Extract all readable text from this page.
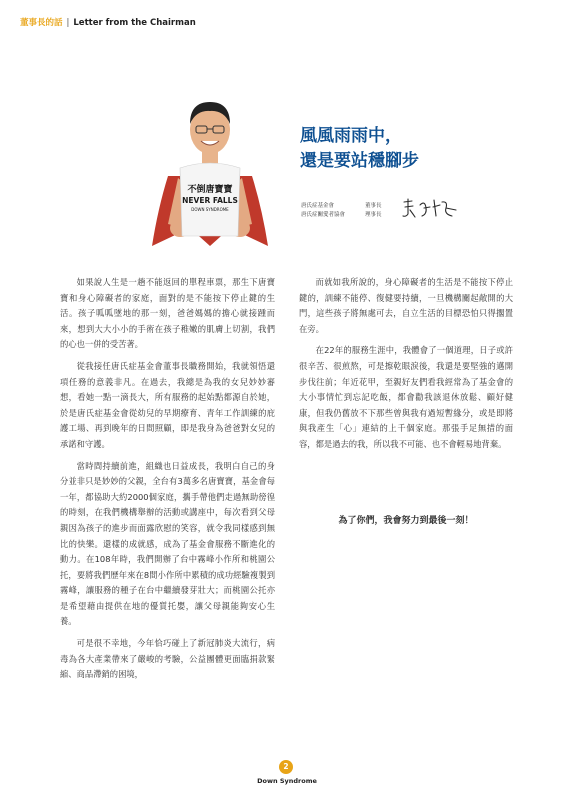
董事長的話 | Letter from the Chairman
不倒唐寶寶
NEVER FALLS
DOWN SYNDROME
風風雨雨中，
還是要站穩腳步
唐氏症基金會	董事長
唐氏症關愛者協會	理事長

如果說人生是一趟不能返回的單程車票，那生下唐寶寶和身心障礙者的家庭，面對的是不能按下停止鍵的生活。孩子呱呱墜地的那一刻，爸爸媽媽的擔心就接踵而來，想到大大小小的手術在孩子稚嫩的肌膚上切割，我們的心也一併的受苦著。

從我接任唐氏症基金會董事長職務開始，我就領悟還項任務的意義非凡。在過去，我總是為我的女兒妙妙審想，看她一點一滴長大，所有服務的起始點都源自於她，於是唐氏症基金會從幼兒的早期療育、青年工作訓練的庇護工場、再到晚年的日間照顧，即是我身為爸爸對女兒的承諾和守護。

當時間持續前進，組織也日益成長，我明白自己的身分並非只是妙妙的父親，全台有3萬多名唐寶寶，基金會每一年，都協助大約2000個家庭，攜手帶他們走過無助徬徨的時刻，在我們機構舉辦的活動或講座中，每次看到父母親因為孩子的進步而面露欣慰的笑容，就令我同樣感到無比的快樂。還樣的成就感，成為了基金會服務不斷進化的動力。在108年時，我們開辦了台中霧峰小作所和桃園公托，要將我們歷年來在8間小作所中累積的成功經驗複製到霧峰，讓服務的種子在台中繼續發芽壯大；而桃園公托亦是希望藉由提供在地的優質托嬰，讓父母親能夠安心生養。

可是很不幸地，今年恰巧碰上了新冠肺炎大流行，病毒為各大產業帶來了嚴峻的考驗，公益團體更面臨捐款緊縮、商品滯銷的困境，

而就如我所說的，身心障礙者的生活是不能按下停止鍵的，訓練不能停、復健要持續，一旦機構關起敞開的大門，這些孩子將無處可去，自立生活的目標恐怕只得擱置在旁。

在22年的服務生涯中，我體會了一個道理，日子或許很辛苦、很煎熬，可是擦乾眼淚後，我還是要堅強的邁開步伐往前；年近花甲，至親好友們看我經常為了基金會的大小事情忙到忘記吃飯，都會勸我該退休放鬆、顧好健康，但我仍舊放不下那些曾與我有過短暫緣分，或是即將與我產生「心」連結的上千個家庭。那張手足無措的面容，都是過去的我，所以我不可能、也不會輕易地背棄。

為了你們，我會努力到最後一刻！
2
Down Syndrome
